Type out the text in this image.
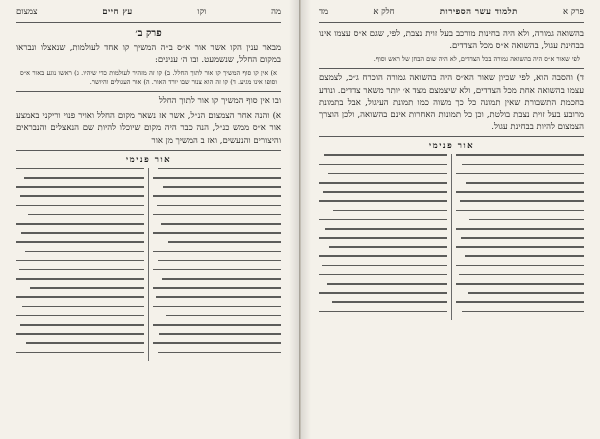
מה
וקו
עץ חיים
צמצום
פרק ב׳

מבאר ענין הקו אשר אור א״ס ב״ה המשיך קו אחד לעולמות, שנאצלו ונבראו במקום החלל, שנשמעט. ובו ה׳ ענינים:

א) אין קו סוף המשיך קו אור לתוך החלל. ב) קו זה מזהיר לעולמות כדי שיהיו. ג) ראשו נוגע באור א״ס וסופו אינו מגיע. ד) קו זה הוא צנור שבו יורד האור. ה) אור העגולים והיושר.

ובו אין סוף המשיך קו אור לתוך החלל

א) והנה אחר הצמצום הנ״ל, אשר אז נשאר מקום החלל ואויר פנוי וריקני באמצע אור א״ס ממש כנ״ל, הנה כבר היה מקום שיוכלו להיות שם הנאצלים והנבראים והיצורים והנעשים, ואז ב המשיך מן אור

אור פנימי
פרק א
תלמוד עשר הספירות
חלק א
מד

בהשואה גמורה, ולא היה בחינות מורכב בעל זוית נצבת, לפי, שגם א״ס עצמו אינו בבחינת עגול, בהשואה א״ס מכל הצדדים.

לפי שאור א״ס היה בהשואה גמורה בכל הצדדים, לא היה שום הבחן של ראש וסוף.

ד) והסבה הוא, לפי שכיון שאור הא״ס היה בהשואה גמורה הוכרח ג״כ, לצמצם עצמו בהשואה אחת מכל הצדדים, ולא שיצמצם מצד א׳ יותר משאר צדדים. ונודע בחכמת התשבורת שאין תמונה כל כך משוה כמו תמונת העיגול, אבל בתמונת מרובע בעל זוית נצבת בולטת, וכן כל תמונות האחרות אינם בהשואה, ולכן הוצרך הצמצום להיות בבחינת עגול.

אור פנימי
